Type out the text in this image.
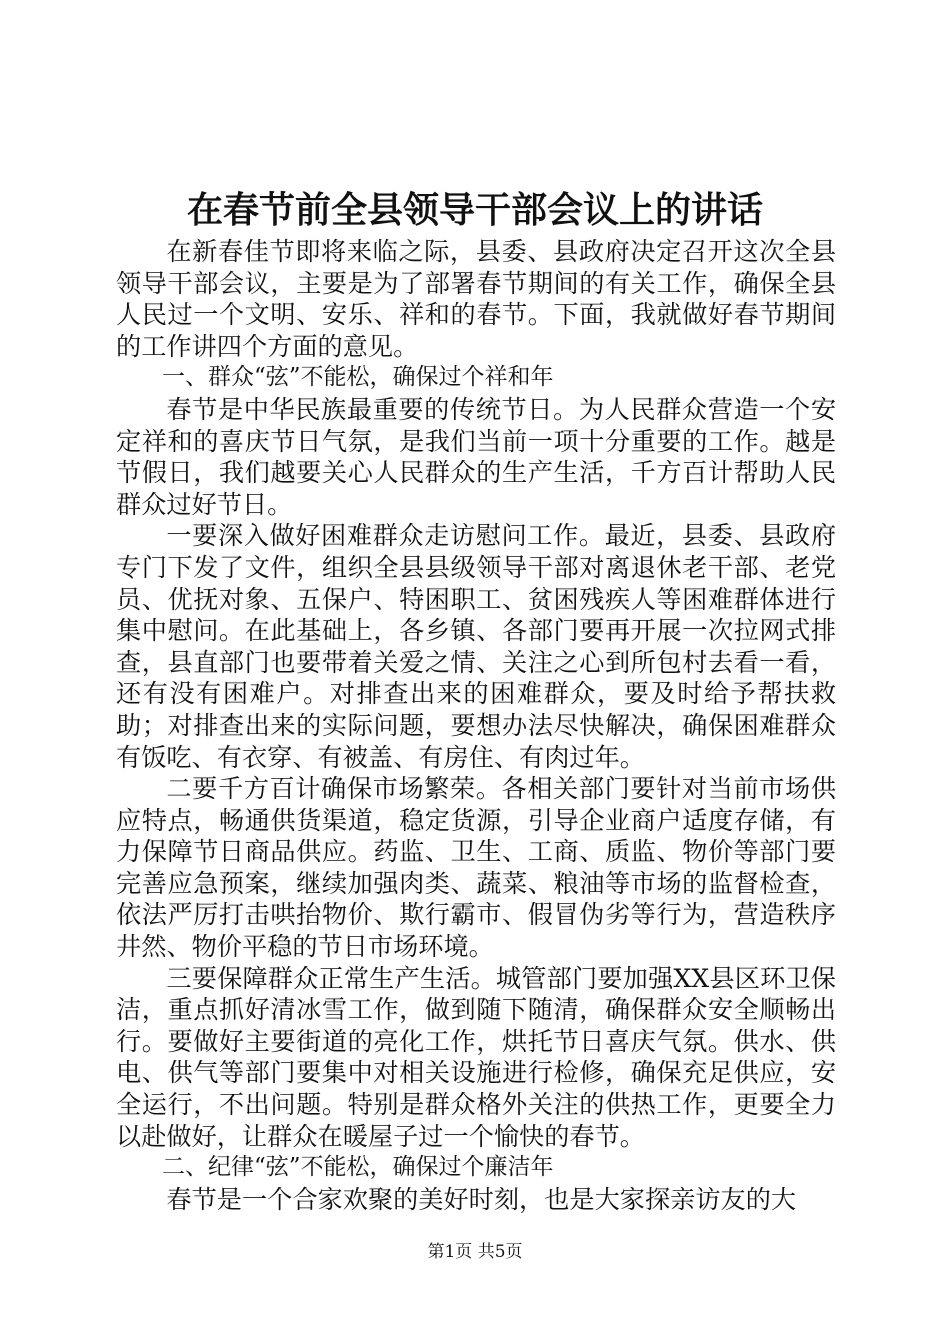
在春节前全县领导干部会议上的讲话

在新春佳节即将来临之际，县委、县政府决定召开这次全县领导干部会议，主要是为了部署春节期间的有关工作，确保全县人民过一个文明、安乐、祥和的春节。下面，我就做好春节期间的工作讲四个方面的意见。

一、群众“弦”不能松，确保过个祥和年

春节是中华民族最重要的传统节日。为人民群众营造一个安定祥和的喜庆节日气氛，是我们当前一项十分重要的工作。越是节假日，我们越要关心人民群众的生产生活，千方百计帮助人民群众过好节日。

一要深入做好困难群众走访慰问工作。最近，县委、县政府专门下发了文件，组织全县县级领导干部对离退休老干部、老党员、优抚对象、五保户、特困职工、贫困残疾人等困难群体进行集中慰问。在此基础上，各乡镇、各部门要再开展一次拉网式排查，县直部门也要带着关爱之情、关注之心到所包村去看一看，还有没有困难户。对排查出来的困难群众，要及时给予帮扶救助；对排查出来的实际问题，要想办法尽快解决，确保困难群众有饭吃、有衣穿、有被盖、有房住、有肉过年。

二要千方百计确保市场繁荣。各相关部门要针对当前市场供应特点，畅通供货渠道，稳定货源，引导企业商户适度存储，有力保障节日商品供应。药监、卫生、工商、质监、物价等部门要完善应急预案，继续加强肉类、蔬菜、粮油等市场的监督检查，依法严厉打击哄抬物价、欺行霸市、假冒伪劣等行为，营造秩序井然、物价平稳的节日市场环境。

三要保障群众正常生产生活。城管部门要加强XX县区环卫保洁，重点抓好清冰雪工作，做到随下随清，确保群众安全顺畅出行。要做好主要街道的亮化工作，烘托节日喜庆气氛。供水、供电、供气等部门要集中对相关设施进行检修，确保充足供应，安全运行，不出问题。特别是群众格外关注的供热工作，更要全力以赴做好，让群众在暖屋子过一个愉快的春节。

二、纪律“弦”不能松，确保过个廉洁年

春节是一个合家欢聚的美好时刻，也是大家探亲访友的大

第1页 共5页
